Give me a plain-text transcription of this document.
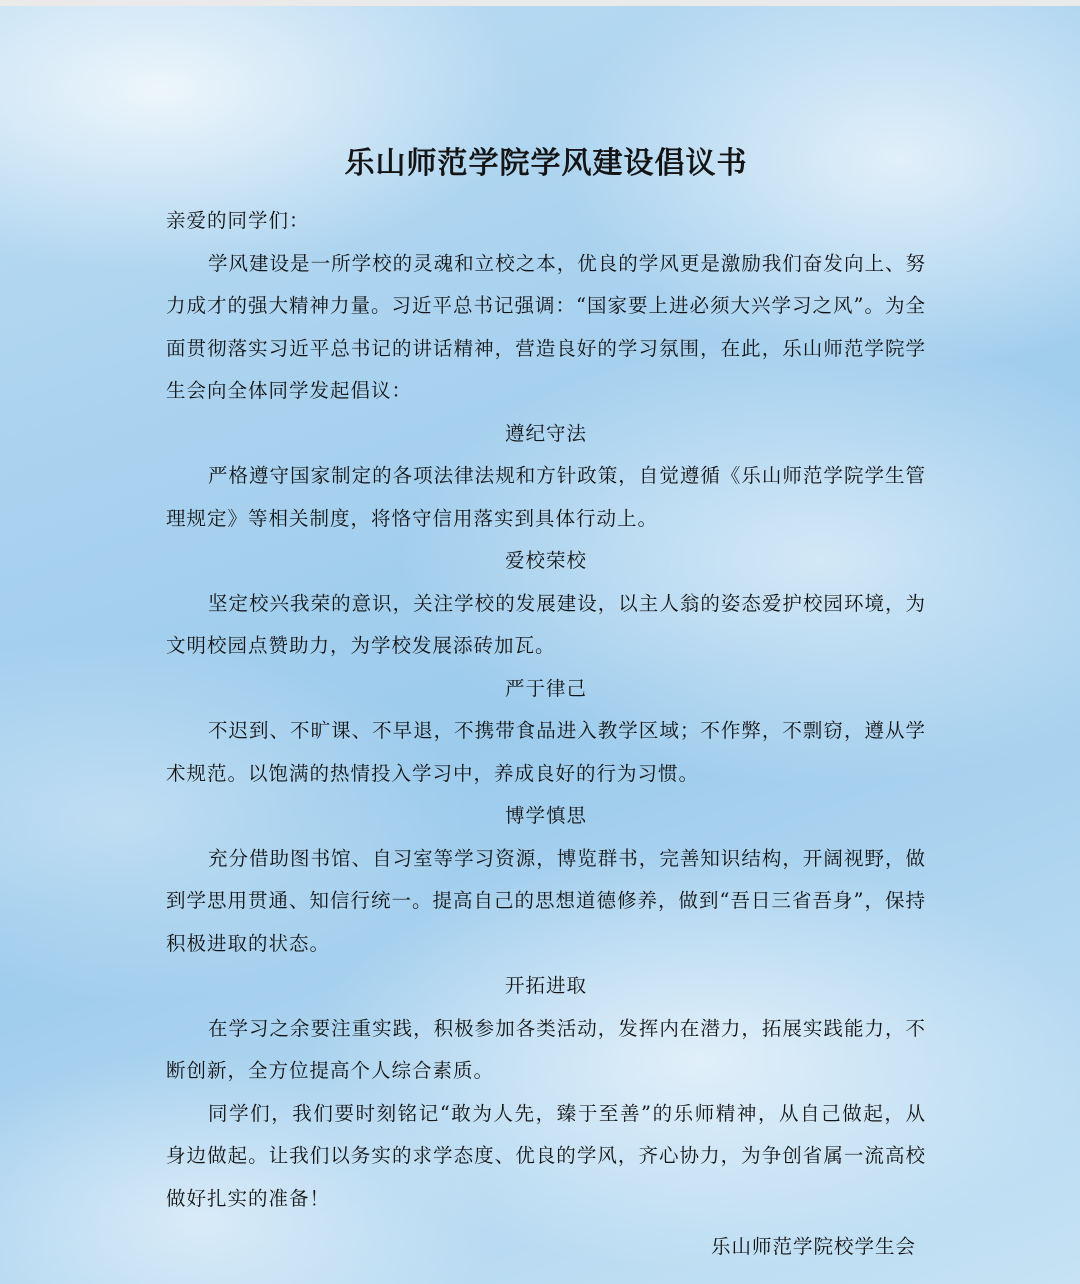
乐山师范学院学风建设倡议书

亲爱的同学们：

学风建设是一所学校的灵魂和立校之本，优良的学风更是激励我们奋发向上、努力成才的强大精神力量。习近平总书记强调：“国家要上进必须大兴学习之风”。为全面贯彻落实习近平总书记的讲话精神，营造良好的学习氛围，在此，乐山师范学院学生会向全体同学发起倡议：

遵纪守法

严格遵守国家制定的各项法律法规和方针政策，自觉遵循《乐山师范学院学生管理规定》等相关制度，将恪守信用落实到具体行动上。

爱校荣校

坚定校兴我荣的意识，关注学校的发展建设，以主人翁的姿态爱护校园环境，为文明校园点赞助力，为学校发展添砖加瓦。

严于律己

不迟到、不旷课、不早退，不携带食品进入教学区域；不作弊，不剽窃，遵从学术规范。以饱满的热情投入学习中，养成良好的行为习惯。

博学慎思

充分借助图书馆、自习室等学习资源，博览群书，完善知识结构，开阔视野，做到学思用贯通、知信行统一。提高自己的思想道德修养，做到“吾日三省吾身”，保持积极进取的状态。

开拓进取

在学习之余要注重实践，积极参加各类活动，发挥内在潜力，拓展实践能力，不断创新，全方位提高个人综合素质。

同学们，我们要时刻铭记“敢为人先，臻于至善”的乐师精神，从自己做起，从身边做起。让我们以务实的求学态度、优良的学风，齐心协力，为争创省属一流高校做好扎实的准备！

乐山师范学院校学生会
